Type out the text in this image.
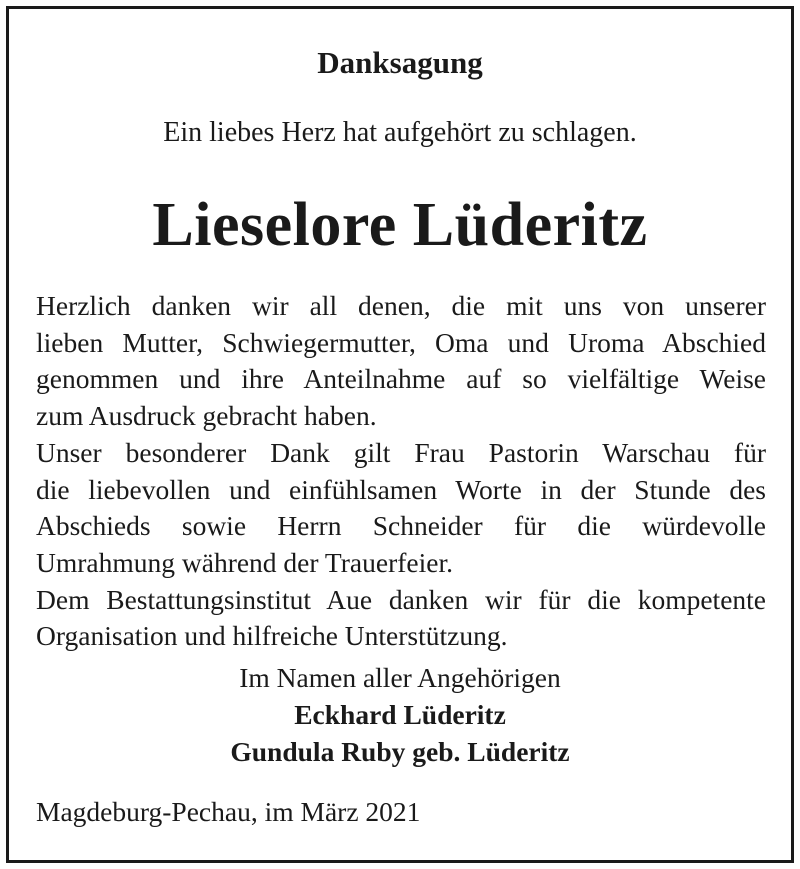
Danksagung
Ein liebes Herz hat aufgehört zu schlagen.
Lieselore Lüderitz

Herzlich danken wir all denen, die mit uns von unserer

lieben Mutter, Schwiegermutter, Oma und Uroma Abschied

genommen und ihre Anteilnahme auf so vielfältige Weise

zum Ausdruck gebracht haben.

Unser besonderer Dank gilt Frau Pastorin Warschau für

die liebevollen und einfühlsamen Worte in der Stunde des

Abschieds sowie Herrn Schneider für die würdevolle

Umrahmung während der Trauerfeier.

Dem Bestattungsinstitut Aue danken wir für die kompetente

Organisation und hilfreiche Unterstützung.

Im Namen aller Angehörigen
Eckhard Lüderitz
Gundula Ruby geb. Lüderitz
Magdeburg-Pechau, im März 2021
